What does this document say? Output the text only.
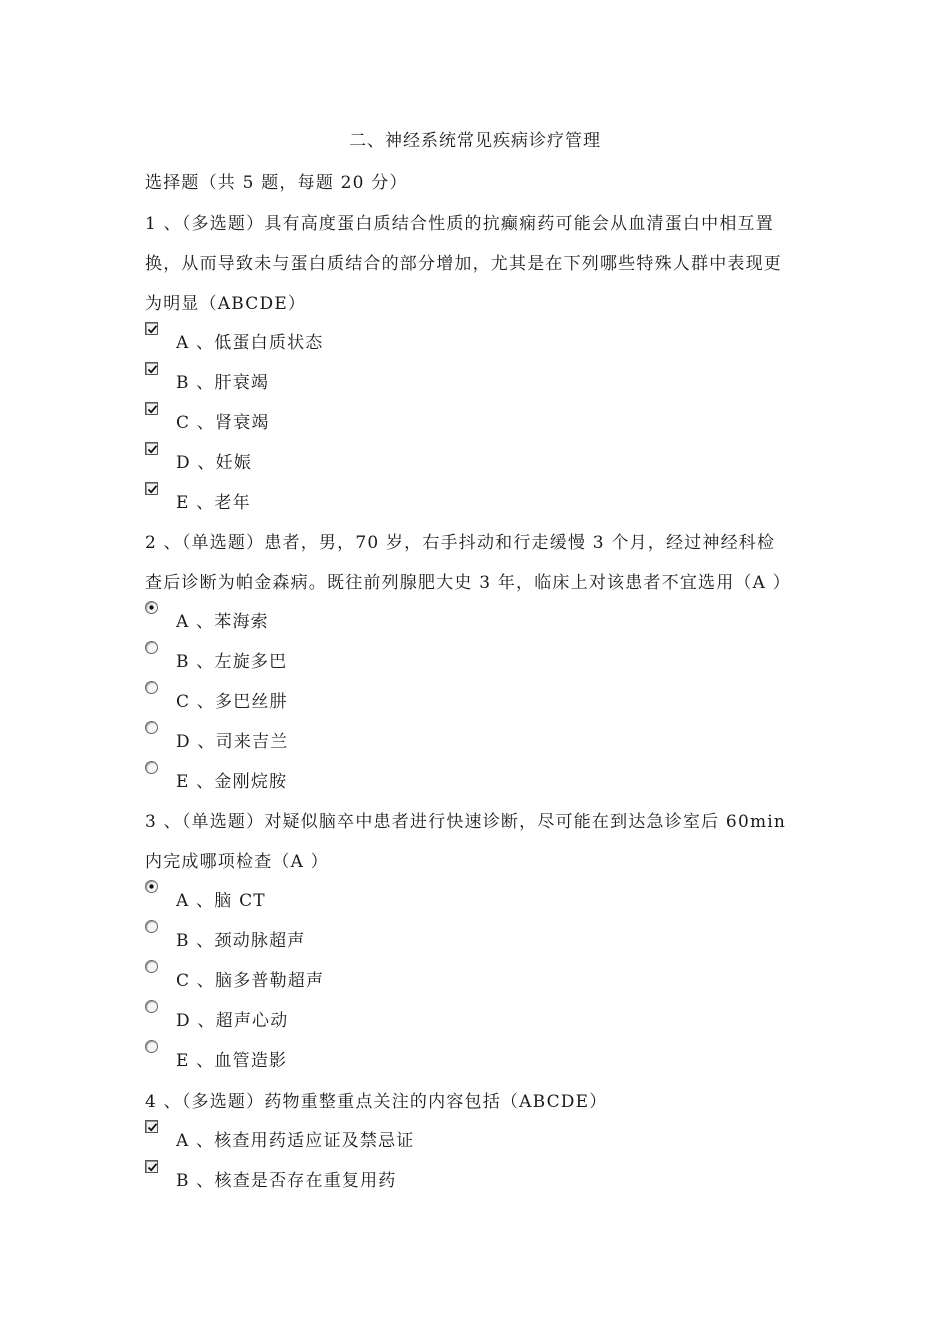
二、神经系统常见疾病诊疗管理
选择题（共 5 题，每题 20 分）
1 、（多选题）具有高度蛋白质结合性质的抗癫痫药可能会从血清蛋白中相互置
换，从而导致未与蛋白质结合的部分增加，尤其是在下列哪些特殊人群中表现更
为明显（ABCDE）
A 、低蛋白质状态
B 、肝衰竭
C 、肾衰竭
D 、妊娠
E 、老年
2 、（单选题）患者，男，70 岁，右手抖动和行走缓慢 3 个月，经过神经科检
查后诊断为帕金森病。既往前列腺肥大史 3 年，临床上对该患者不宜选用（A ）
A 、苯海索
B 、左旋多巴
C 、多巴丝肼
D 、司来吉兰
E 、金刚烷胺
3 、（单选题）对疑似脑卒中患者进行快速诊断，尽可能在到达急诊室后 60min
内完成哪项检查（A ）
A 、脑 CT
B 、颈动脉超声
C 、脑多普勒超声
D 、超声心动
E 、血管造影
4 、（多选题）药物重整重点关注的内容包括（ABCDE）
A 、核查用药适应证及禁忌证
B 、核查是否存在重复用药
